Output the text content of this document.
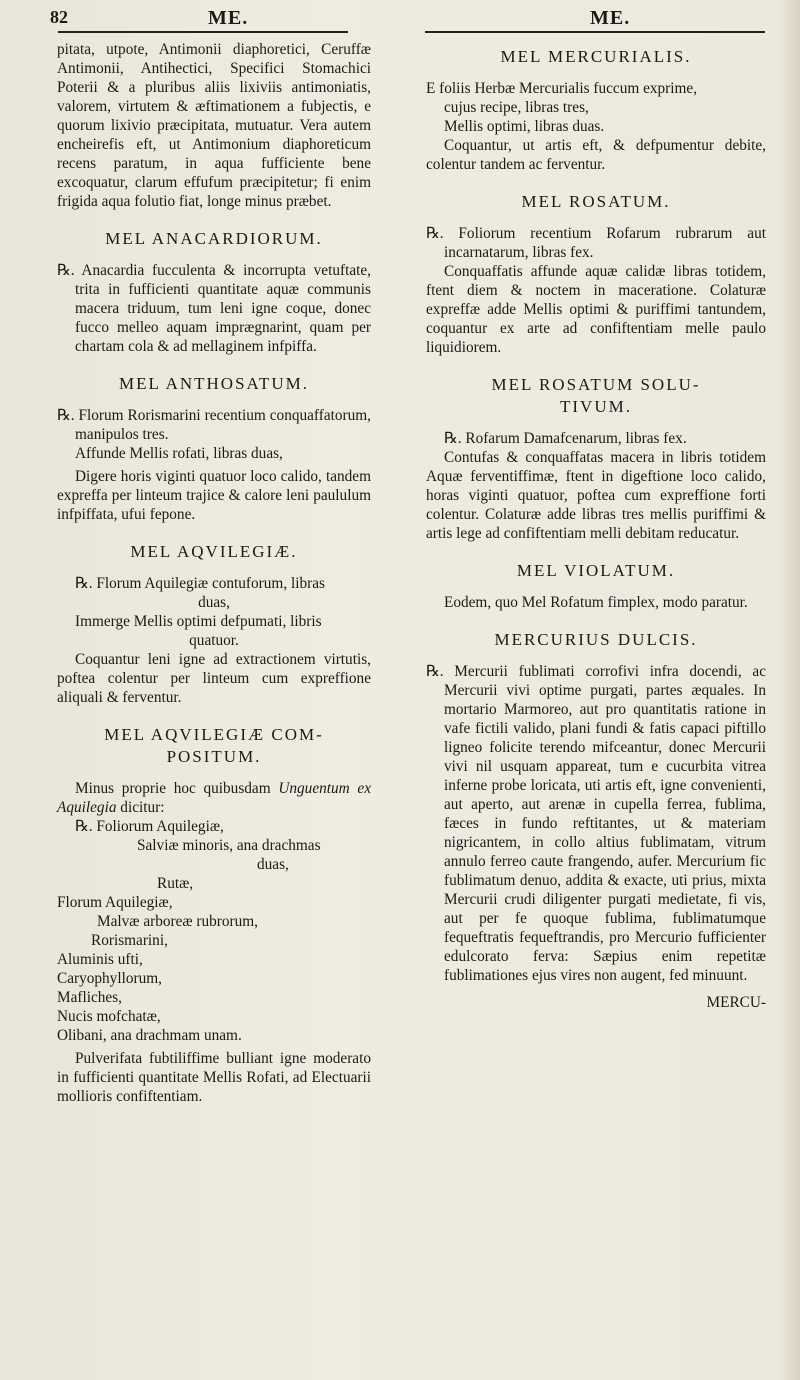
82	ME.	ME.

pitata, utpote, Antimonii diaphoretici, Ceruffæ Antimonii, Antihectici, Specifici Stomachici Poterii & a pluribus aliis lixiviis antimoniatis, valorem, virtutem & æftimationem a fubjectis, e quorum lixivio præcipitata, mutuatur. Vera autem encheirefis eft, ut Antimonium diaphoreticum recens paratum, in aqua fufficiente bene excoquatur, clarum effufum præcipitetur; fi enim frigida aqua folutio fiat, longe minus præbet.

MEL ANACARDIORUM.

℞. Anacardia fucculenta & incorrupta vetuftate, trita in fufficienti quantitate aquæ communis macera triduum, tum leni igne coque, donec fucco melleo aquam imprægnarint, quam per chartam cola & ad mellaginem infpiffa.

MEL ANTHOSATUM.

℞. Florum Rorismarini recentium conquaffatorum, manipulos tres.

Affunde Mellis rofati, libras duas,

Digere horis viginti quatuor loco calido, tandem expreffa per linteum trajice & calore leni paululum infpiffata, ufui fepone.

MEL AQVILEGIÆ.

℞. Florum Aquilegiæ contuforum, libras

duas,

Immerge Mellis optimi defpumati, libris

quatuor.

Coquantur leni igne ad extractionem virtutis, poftea colentur per linteum cum expreffione aliquali & ferventur.

MEL AQVILEGIÆ COM-
POSITUM.

Minus proprie hoc quibusdam Unguentum ex Aquilegia dicitur:

℞. Foliorum Aquilegiæ,

Salviæ minoris, ana drachmas

duas,

Rutæ,

Florum Aquilegiæ,

Malvæ arboreæ rubrorum,

Rorismarini,

Aluminis ufti,

Caryophyllorum,

Mafliches,

Nucis mofchatæ,

Olibani, ana drachmam unam.

Pulverifata fubtiliffime bulliant igne moderato in fufficienti quantitate Mellis Rofati, ad Electuarii mollioris confiftentiam.

MEL MERCURIALIS.

E foliis Herbæ Mercurialis fuccum exprime,

cujus recipe, libras tres,

Mellis optimi, libras duas.

Coquantur, ut artis eft, & defpumentur debite, colentur tandem ac ferventur.

MEL ROSATUM.

℞. Foliorum recentium Rofarum rubrarum aut incarnatarum, libras fex.

Conquaffatis affunde aquæ calidæ libras totidem, ftent diem & noctem in maceratione. Colaturæ expreffæ adde Mellis optimi & puriffimi tantundem, coquantur ex arte ad confiftentiam melle paulo liquidiorem.

MEL ROSATUM SOLU-
TIVUM.

℞. Rofarum Damafcenarum, libras fex.

Contufas & conquaffatas macera in libris totidem Aquæ ferventiffimæ, ftent in digeftione loco calido, horas viginti quatuor, poftea cum expreffione forti colentur. Colaturæ adde libras tres mellis puriffimi & artis lege ad confiftentiam melli debitam reducatur.

MEL VIOLATUM.

Eodem, quo Mel Rofatum fimplex, modo paratur.

MERCURIUS DULCIS.

℞. Mercurii fublimati corrofivi infra docendi, ac Mercurii vivi optime purgati, partes æquales. In mortario Marmoreo, aut pro quantitatis ratione in vafe fictili valido, plani fundi & fatis capaci piftillo ligneo folicite terendo mifceantur, donec Mercurii vivi nil usquam appareat, tum e cucurbita vitrea inferne probe loricata, uti artis eft, igne convenienti, aut aperto, aut arenæ in cupella ferrea, fublima, fæces in fundo reftitantes, ut & materiam nigricantem, in collo altius fublimatam, vitrum annulo ferreo caute frangendo, aufer. Mercurium fic fublimatum denuo, addita & exacte, uti prius, mixta Mercurii crudi diligenter purgati medietate, fi vis, aut per fe quoque fublima, fublimatumque fequeftratis fequeftrandis, pro Mercurio fufficienter edulcorato ferva: Sæpius enim repetitæ fublimationes ejus vires non augent, fed minuunt.

MERCU-
